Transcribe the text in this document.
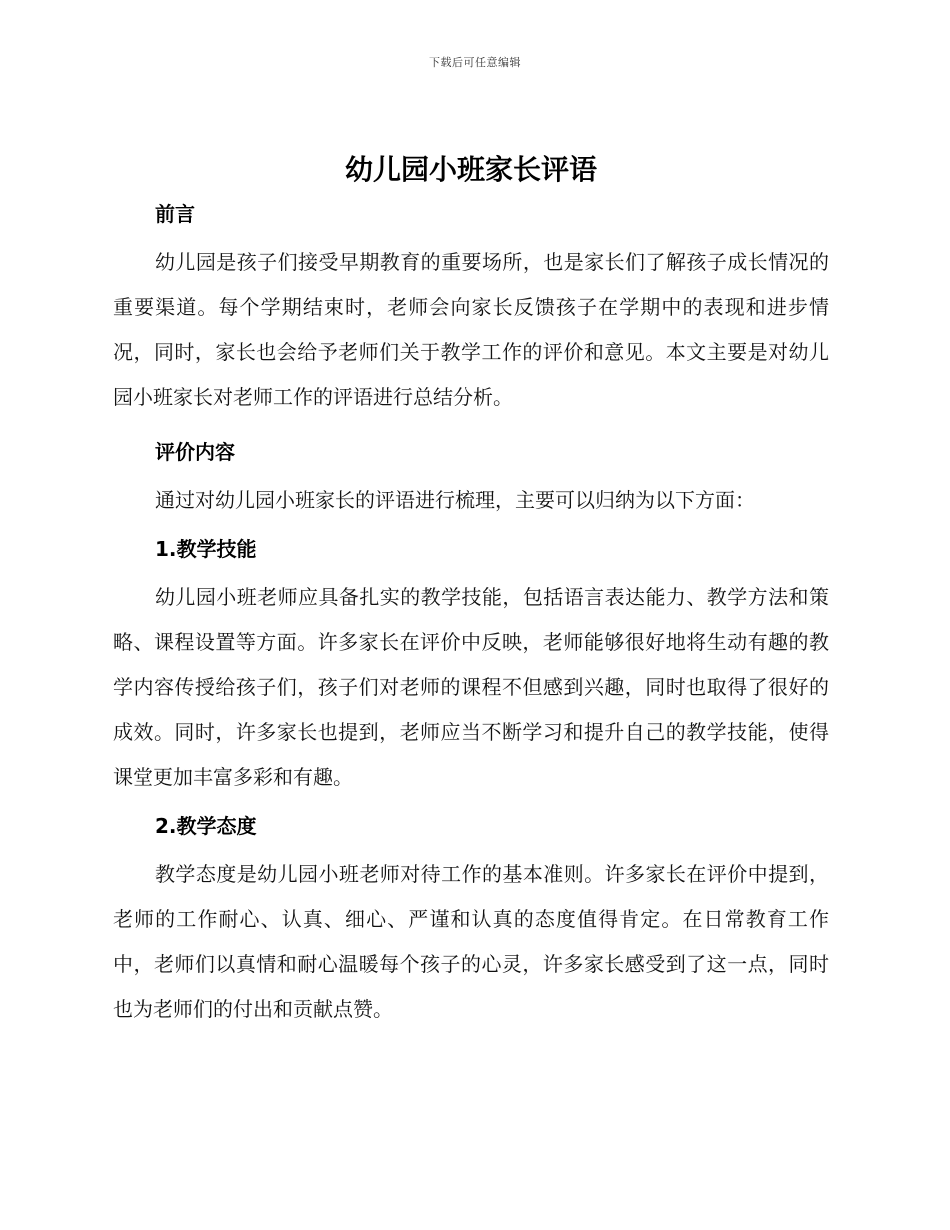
下载后可任意编辑
幼儿园小班家长评语
前言

幼儿园是孩子们接受早期教育的重要场所，也是家长们了解孩子成长情况的重要渠道。每个学期结束时，老师会向家长反馈孩子在学期中的表现和进步情况，同时，家长也会给予老师们关于教学工作的评价和意见。本文主要是对幼儿园小班家长对老师工作的评语进行总结分析。

评价内容

通过对幼儿园小班家长的评语进行梳理，主要可以归纳为以下方面：

1.教学技能

幼儿园小班老师应具备扎实的教学技能，包括语言表达能力、教学方法和策略、课程设置等方面。许多家长在评价中反映，老师能够很好地将生动有趣的教学内容传授给孩子们，孩子们对老师的课程不但感到兴趣，同时也取得了很好的成效。同时，许多家长也提到，老师应当不断学习和提升自己的教学技能，使得课堂更加丰富多彩和有趣。

2.教学态度

教学态度是幼儿园小班老师对待工作的基本准则。许多家长在评价中提到，老师的工作耐心、认真、细心、严谨和认真的态度值得肯定。在日常教育工作中，老师们以真情和耐心温暖每个孩子的心灵，许多家长感受到了这一点，同时也为老师们的付出和贡献点赞。
